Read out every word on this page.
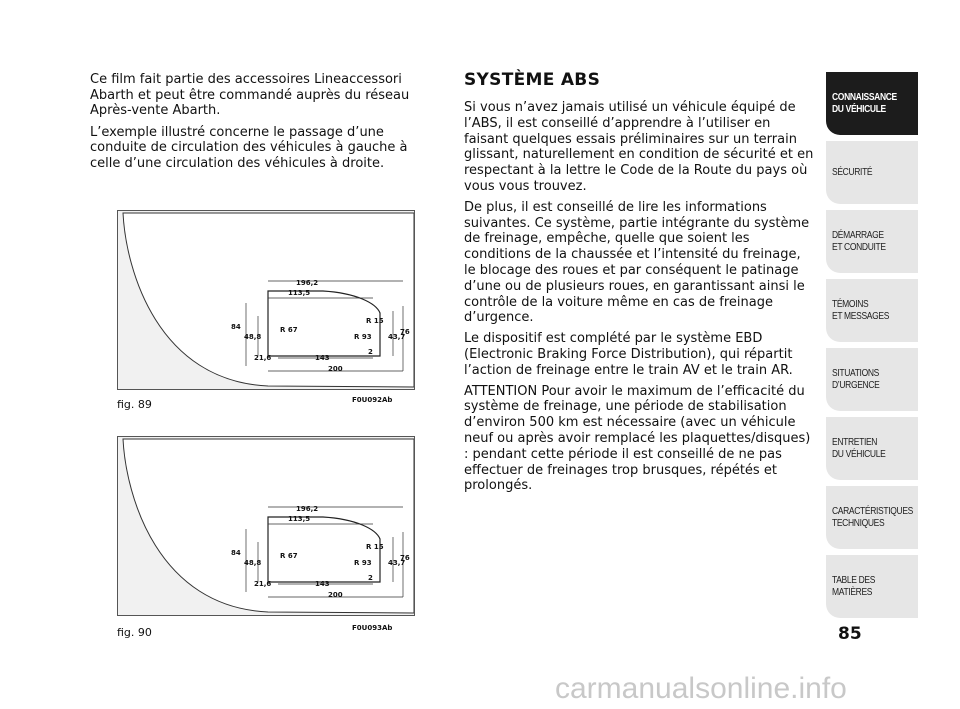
Ce film fait partie des accessoires Lineaccessori Abarth et peut être commandé auprès du réseau Après-vente Abarth.

L’exemple illustré concerne le passage d’une conduite de circulation des véhicules à gauche à celle d’une circulation des véhicules à droite.

196,2
113,5
84
48,8
R 67
R 15
R 93 43,7
76
21,6	143
200
2
fig. 89	F0U092Ab
196,2
113,5
84
48,8
R 67
R 15
R 93 43,7
76
21,6	143
200
2
fig. 90	F0U093Ab
SYSTÈME ABS

Si vous n’avez jamais utilisé un véhicule équipé de l’ABS, il est conseillé d’apprendre à l’utiliser en faisant quelques essais préliminaires sur un terrain glissant, naturellement en condition de sécurité et en respectant à la lettre le Code de la Route du pays où vous vous trouvez.

De plus, il est conseillé de lire les informations suivantes. Ce système, partie intégrante du système de freinage, empêche, quelle que soient les conditions de la chaussée et l’intensité du freinage, le blocage des roues et par conséquent le patinage d’une ou de plusieurs roues, en garantissant ainsi le contrôle de la voiture même en cas de freinage d’urgence.

Le dispositif est complété par le système EBD (Electronic Braking Force Distribution), qui répartit l’action de freinage entre le train AV et le train AR.

ATTENTION Pour avoir le maximum de l’efficacité du système de freinage, une période de stabilisation d’environ 500 km est nécessaire (avec un véhicule neuf ou après avoir remplacé les plaquettes/disques) : pendant cette période il est conseillé de ne pas effectuer de freinages trop brusques, répétés et prolongés.

CONNAISSANCE
DU VÉHICULE
SÉCURITÉ
DÉMARRAGE
ET CONDUITE
TÉMOINS
ET MESSAGES
SITUATIONS
D’URGENCE
ENTRETIEN
DU VÉHICULE
CARACTÉRISTIQUES
TECHNIQUES
TABLE DES
MATIÈRES
85
carmanualsonline.info
